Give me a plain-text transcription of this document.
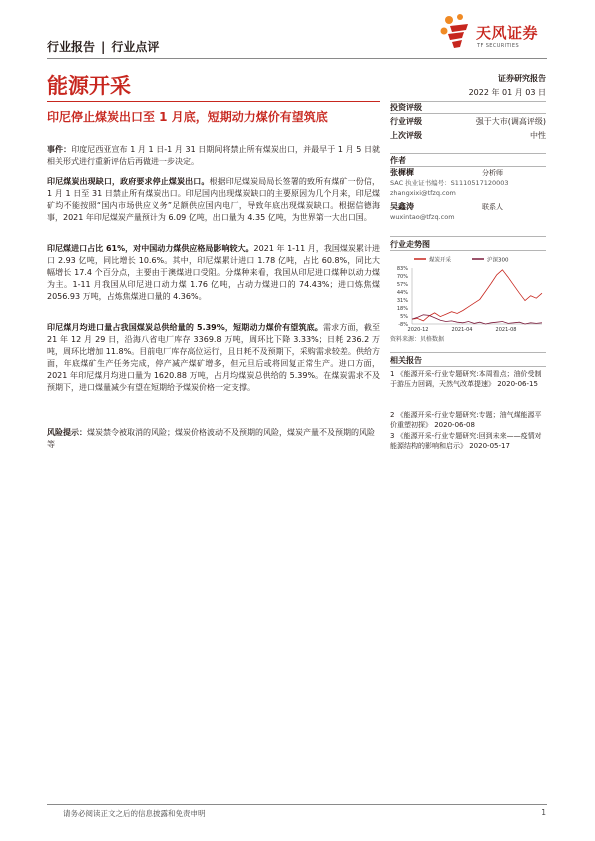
行业报告 | 行业点评
天风证券
TF SECURITIES
能源开采	证券研究报告
2022 年 01 月 03 日
印尼停止煤炭出口至 1 月底，短期动力煤价有望筑底
投资评级
行业评级	强于大市(调高评级)
上次评级	中性
作者
张樨樨	分析师
SAC 执业证书编号：S1110517120003
zhangxixi@tfzq.com
吴鑫涛	联系人
wuxintao@tfzq.com
行业走势图
煤炭开采	沪深300
83%
70%
57%
44%
31%
18%
5%
-8%
2020-12	2021-04	2021-08
资料来源：贝格数据
相关报告
1 《能源开采-行业专题研究:本周看点；油价受制于游压力回调，天然气改革提速》 2020-06-15
2 《能源开采-行业专题研究:专题；油气煤能源平价重塑初探》 2020-06-08
3 《能源开采-行业专题研究:回到未来——疫情对能源结构的影响和启示》 2020-05-17
事件：印度尼西亚宣布 1 月 1 日-1 月 31 日期间将禁止所有煤炭出口，并最早于 1 月 5 日就相关形式进行重新评估后再做进一步决定。
印尼煤炭出现缺口，政府要求停止煤炭出口。根据印尼煤炭局局长签署的致所有煤矿一份信，1 月 1 日至 31 日禁止所有煤炭出口。印尼国内出现煤炭缺口的主要原因为几个月来，印尼煤矿均不能按照“国内市场供应义务”足额供应国内电厂，导致年底出现煤炭缺口。根据信德海事，2021 年印尼煤炭产量预计为 6.09 亿吨，出口量为 4.35 亿吨，为世界第一大出口国。
印尼煤进口占比 61%，对中国动力煤供应格局影响较大。2021 年 1-11 月，我国煤炭累计进口 2.93 亿吨，同比增长 10.6%。其中，印尼煤累计进口 1.78 亿吨，占比 60.8%，同比大幅增长 17.4 个百分点，主要由于澳煤进口受阻。分煤种来看，我国从印尼进口煤种以动力煤为主。1-11 月我国从印尼进口动力煤 1.76 亿吨，占动力煤进口的 74.43%；进口炼焦煤 2056.93 万吨，占炼焦煤进口量的 4.36%。
印尼煤月均进口量占我国煤炭总供给量的 5.39%，短期动力煤价有望筑底。需求方面，截至 21 年 12 月 29 日，沿海八省电厂库存 3369.8 万吨，周环比下降 3.33%；日耗 236.2 万吨，周环比增加 11.8%。目前电厂库存高位运行，且日耗不及预期下，采购需求较差。供给方面，年底煤矿生产任务完成，停产减产煤矿增多，但元旦后或将回复正常生产。进口方面，2021 年印尼煤月均进口量为 1620.88 万吨，占月均煤炭总供给的 5.39%。在煤炭需求不及预期下，进口煤量减少有望在短期给予煤炭价格一定支撑。
风险提示：煤炭禁令被取消的风险；煤炭价格波动不及预期的风险，煤炭产量不及预期的风险等
请务必阅读正文之后的信息披露和免责申明	1
